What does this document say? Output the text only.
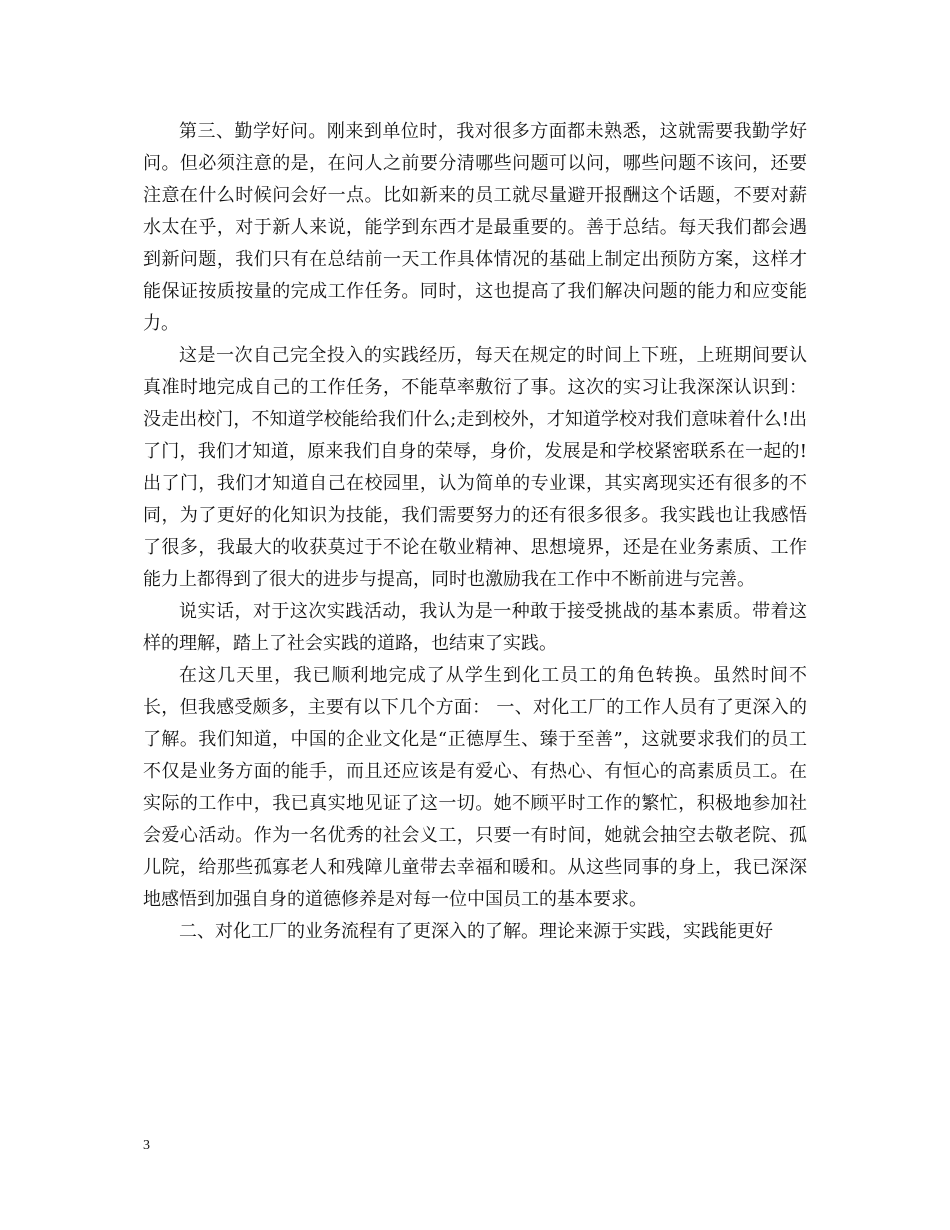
第三、勤学好问。刚来到单位时，我对很多方面都未熟悉，这就需要我勤学好问。但必须注意的是，在问人之前要分清哪些问题可以问，哪些问题不该问，还要注意在什么时候问会好一点。比如新来的员工就尽量避开报酬这个话题，不要对薪水太在乎，对于新人来说，能学到东西才是最重要的。善于总结。每天我们都会遇到新问题，我们只有在总结前一天工作具体情况的基础上制定出预防方案，这样才能保证按质按量的完成工作任务。同时，这也提高了我们解决问题的能力和应变能力。

这是一次自己完全投入的实践经历，每天在规定的时间上下班，上班期间要认真准时地完成自己的工作任务，不能草率敷衍了事。这次的实习让我深深认识到：没走出校门，不知道学校能给我们什么;走到校外，才知道学校对我们意味着什么!出了门，我们才知道，原来我们自身的荣辱，身价，发展是和学校紧密联系在一起的!出了门，我们才知道自己在校园里，认为简单的专业课，其实离现实还有很多的不同，为了更好的化知识为技能，我们需要努力的还有很多很多。我实践也让我感悟了很多，我最大的收获莫过于不论在敬业精神、思想境界，还是在业务素质、工作能力上都得到了很大的进步与提高，同时也激励我在工作中不断前进与完善。

说实话，对于这次实践活动，我认为是一种敢于接受挑战的基本素质。带着这样的理解，踏上了社会实践的道路，也结束了实践。

在这几天里，我已顺利地完成了从学生到化工员工的角色转换。虽然时间不长，但我感受颇多，主要有以下几个方面： 一、对化工厂的工作人员有了更深入的了解。我们知道，中国的企业文化是“正德厚生、臻于至善”，这就要求我们的员工不仅是业务方面的能手，而且还应该是有爱心、有热心、有恒心的高素质员工。在实际的工作中，我已真实地见证了这一切。她不顾平时工作的繁忙，积极地参加社会爱心活动。作为一名优秀的社会义工，只要一有时间，她就会抽空去敬老院、孤儿院，给那些孤寡老人和残障儿童带去幸福和暖和。从这些同事的身上，我已深深地感悟到加强自身的道德修养是对每一位中国员工的基本要求。

二、对化工厂的业务流程有了更深入的了解。理论来源于实践，实践能更好

3
